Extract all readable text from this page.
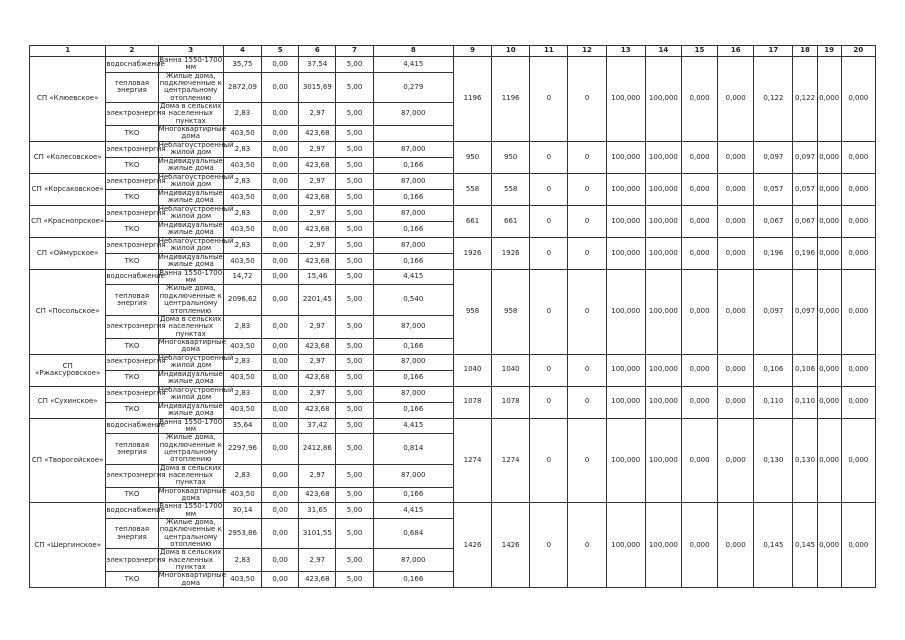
1	2	3	4	5	6	7	8	9	10	11	12	13	14	15	16	17	18	19	20
СП «Клюевское»	водоснабжение	Ванна 1550-1700 мм	35,75	0,00	37,54	5,00	4,415	1196	1196	0	0	100,000	100,000	0,000	0,000	0,122	0,122	0,000	0,000
	тепловая энергия	Жилые дома, подключенные к центральному отоплению	2872,09	0,00	3015,69	5,00	0,279												
	электроэнергия	Дома в сельских населенных пунктах	2,83	0,00	2,97	5,00	87,000												
	ТКО	Многоквартирные дома	403,50	0,00	423,68	5,00													
СП «Колесовское»	электроэнергия	Неблагоустроенный жилой дом	2,83	0,00	2,97	5,00	87,000	950	950	0	0	100,000	100,000	0,000	0,000	0,097	0,097	0,000	0,000
	ТКО	Индивидуальные жилые дома	403,50	0,00	423,68	5,00	0,166												
СП «Корсаковское»	электроэнергия	Неблагоустроенный жилой дом	2,83	0,00	2,97	5,00	87,000	558	558	0	0	100,000	100,000	0,000	0,000	0,057	0,057	0,000	0,000
	ТКО	Индивидуальные жилые дома	403,50	0,00	423,68	5,00	0,166												
СП «Краснопрское»	электроэнергия	Неблагоустроенный жилой дом	2,83	0,00	2,97	5,00	87,000	661	661	0	0	100,000	100,000	0,000	0,000	0,067	0,067	0,000	0,000
	ТКО	Индивидуальные жилые дома	403,50	0,00	423,68	5,00	0,166												
СП «Оймурское»	электроэнергия	Неблагоустроенный жилой дом	2,83	0,00	2,97	5,00	87,000	1926	1926	0	0	100,000	100,000	0,000	0,000	0,196	0,196	0,000	0,000
	ТКО	Индивидуальные жилые дома	403,50	0,00	423,68	5,00	0,166												
СП «Посольское»	водоснабжение	Ванна 1550-1700 мм	14,72	0,00	15,46	5,00	4,415	958	958	0	0	100,000	100,000	0,000	0,000	0,097	0,097	0,000	0,000
	тепловая энергия	Жилые дома, подключенные к центральному отоплению	2096,62	0,00	2201,45	5,00	0,540												
	электроэнергия	Дома в сельских населенных пунктах	2,83	0,00	2,97	5,00	87,000												
	ТКО	Многоквартирные дома	403,50	0,00	423,68	5,00	0,166												
СП «Ржаксуровское»	электроэнергия	Неблагоустроенный жилой дом	2,83	0,00	2,97	5,00	87,000	1040	1040	0	0	100,000	100,000	0,000	0,000	0,106	0,106	0,000	0,000
	ТКО	Индивидуальные жилые дома	403,50	0,00	423,68	5,00	0,166												
СП «Сухинское»	электроэнергия	Неблагоустроенный жилой дом	2,83	0,00	2,97	5,00	87,000	1078	1078	0	0	100,000	100,000	0,000	0,000	0,110	0,110	0,000	0,000
	ТКО	Индивидуальные жилые дома	403,50	0,00	423,68	5,00	0,166												
СП «Творогойское»	водоснабжение	Ванна 1550-1700 мм	35,64	0,00	37,42	5,00	4,415	1274	1274	0	0	100,000	100,000	0,000	0,000	0,130	0,130	0,000	0,000
	тепловая энергия	Жилые дома, подключенные к центральному отоплению	2297,96	0,00	2412,86	5,00	0,814												
	электроэнергия	Дома в сельских населенных пунктах	2,83	0,00	2,97	5,00	87,000												
	ТКО	Многоквартирные дома	403,50	0,00	423,68	5,00	0,166												
СП «Шергинское»	водоснабжение	Ванна 1550-1700 мм	30,14	0,00	31,65	5,00	4,415	1426	1426	0	0	100,000	100,000	0,000	0,000	0,145	0,145	0,000	0,000
	тепловая энергия	Жилые дома, подключенные к центральному отоплению	2953,86	0,00	3101,55	5,00	0,684												
	электроэнергия	Дома в сельских населенных пунктах	2,83	0,00	2,97	5,00	87,000												
	ТКО	Многоквартирные дома	403,50	0,00	423,68	5,00	0,166												
